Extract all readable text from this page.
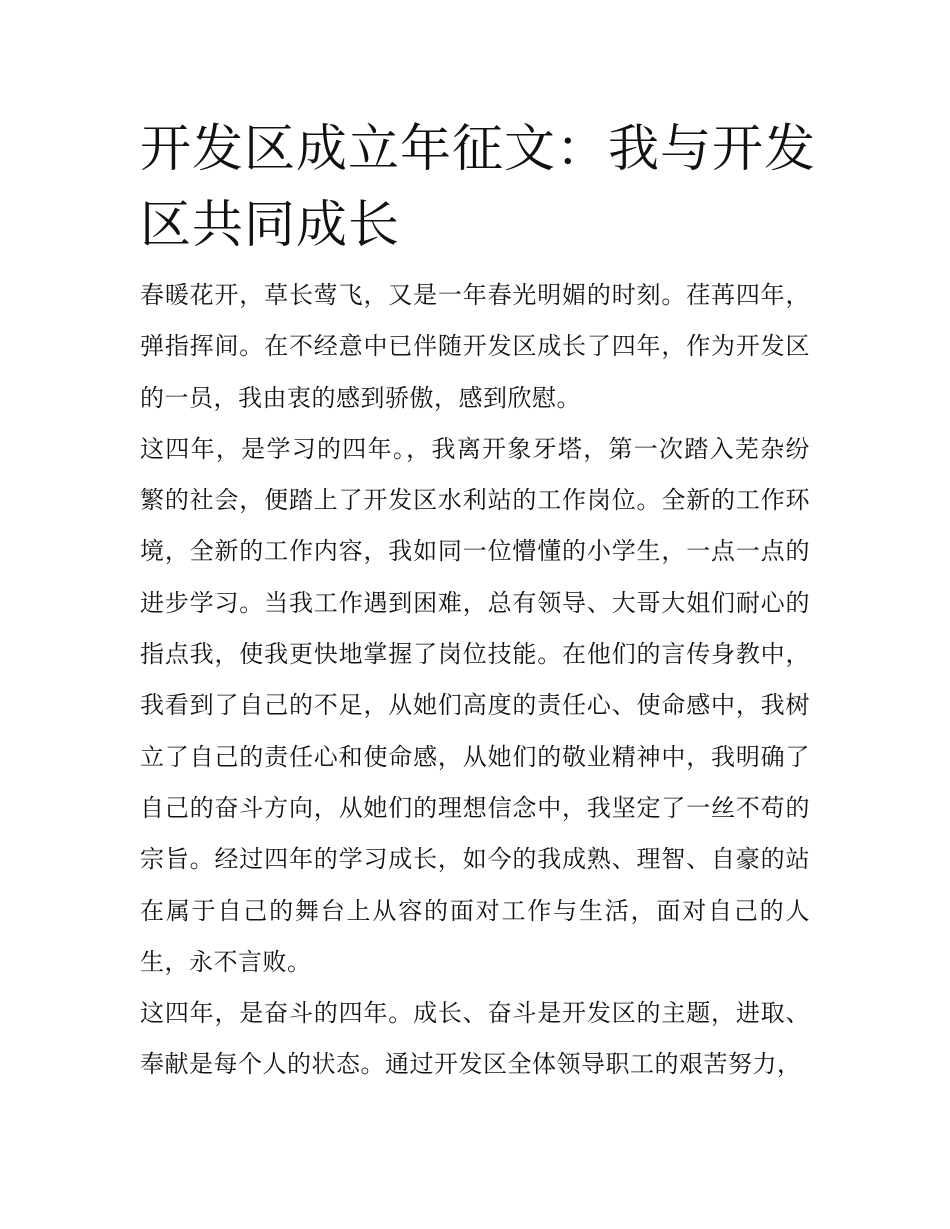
开发区成立年征文：我与开发区共同成长

春暖花开，草长莺飞，又是一年春光明媚的时刻。荏苒四年，弹指挥间。在不经意中已伴随开发区成长了四年，作为开发区的一员，我由衷的感到骄傲，感到欣慰。

这四年，是学习的四年。，我离开象牙塔，第一次踏入芜杂纷繁的社会，便踏上了开发区水利站的工作岗位。全新的工作环境，全新的工作内容，我如同一位懵懂的小学生，一点一点的进步学习。当我工作遇到困难，总有领导、大哥大姐们耐心的指点我，使我更快地掌握了岗位技能。在他们的言传身教中，我看到了自己的不足，从她们高度的责任心、使命感中，我树立了自己的责任心和使命感，从她们的敬业精神中，我明确了自己的奋斗方向，从她们的理想信念中，我坚定了一丝不苟的宗旨。经过四年的学习成长，如今的我成熟、理智、自豪的站在属于自己的舞台上从容的面对工作与生活，面对自己的人生，永不言败。

这四年，是奋斗的四年。成长、奋斗是开发区的主题，进取、奉献是每个人的状态。通过开发区全体领导职工的艰苦努力，
